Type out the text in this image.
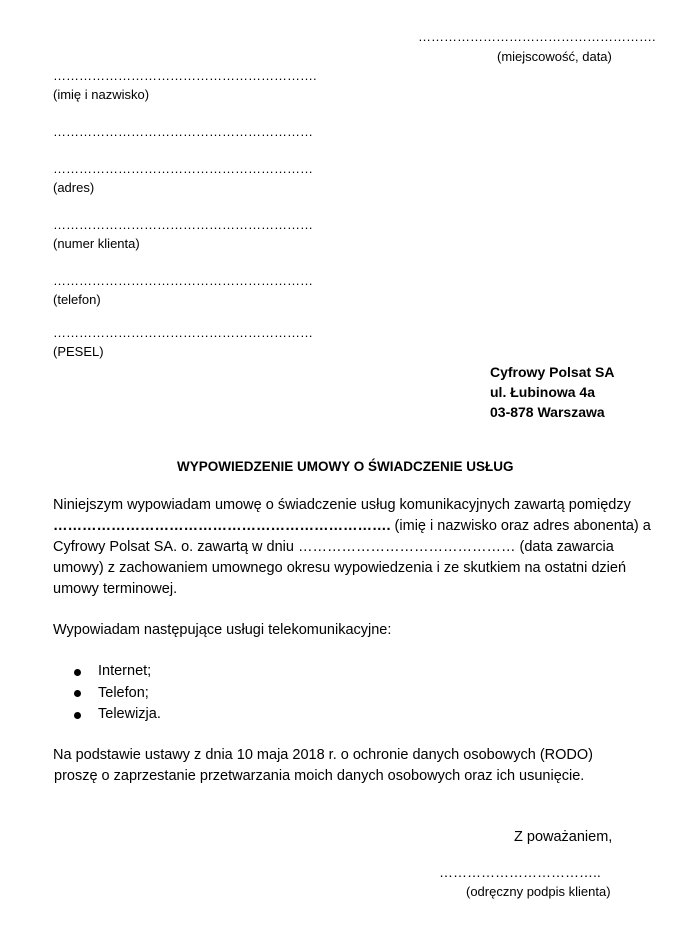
……………………………………………….
(miejscowość, data)
…………………………………………………….
(imię i nazwisko)
……………………………………………………
……………………………………………………
(adres)
……………………………………………………
(numer klienta)
……………………………………………………
(telefon)
……………………………………………………
(PESEL)
Cyfrowy Polsat SA
ul. Łubinowa 4a
03-878 Warszawa
WYPOWIEDZENIE UMOWY O ŚWIADCZENIE USŁUG
Niniejszym wypowiadam umowę o świadczenie usług komunikacyjnych zawartą pomiędzy
……………………………………………………………. (imię i nazwisko oraz adres abonenta) a
Cyfrowy Polsat SA. o. zawartą w dniu ……………………………………… (data zawarcia
umowy) z zachowaniem umownego okresu wypowiedzenia i ze skutkiem na ostatni dzień
umowy terminowej.
Wypowiadam następujące usługi telekomunikacyjne:
Internet;
Telefon;
Telewizja.
Na podstawie ustawy z dnia 10 maja 2018 r. o ochronie danych osobowych (RODO)
proszę o zaprzestanie przetwarzania moich danych osobowych oraz ich usunięcie.
Z poważaniem,
……………………………..
(odręczny podpis klienta)
